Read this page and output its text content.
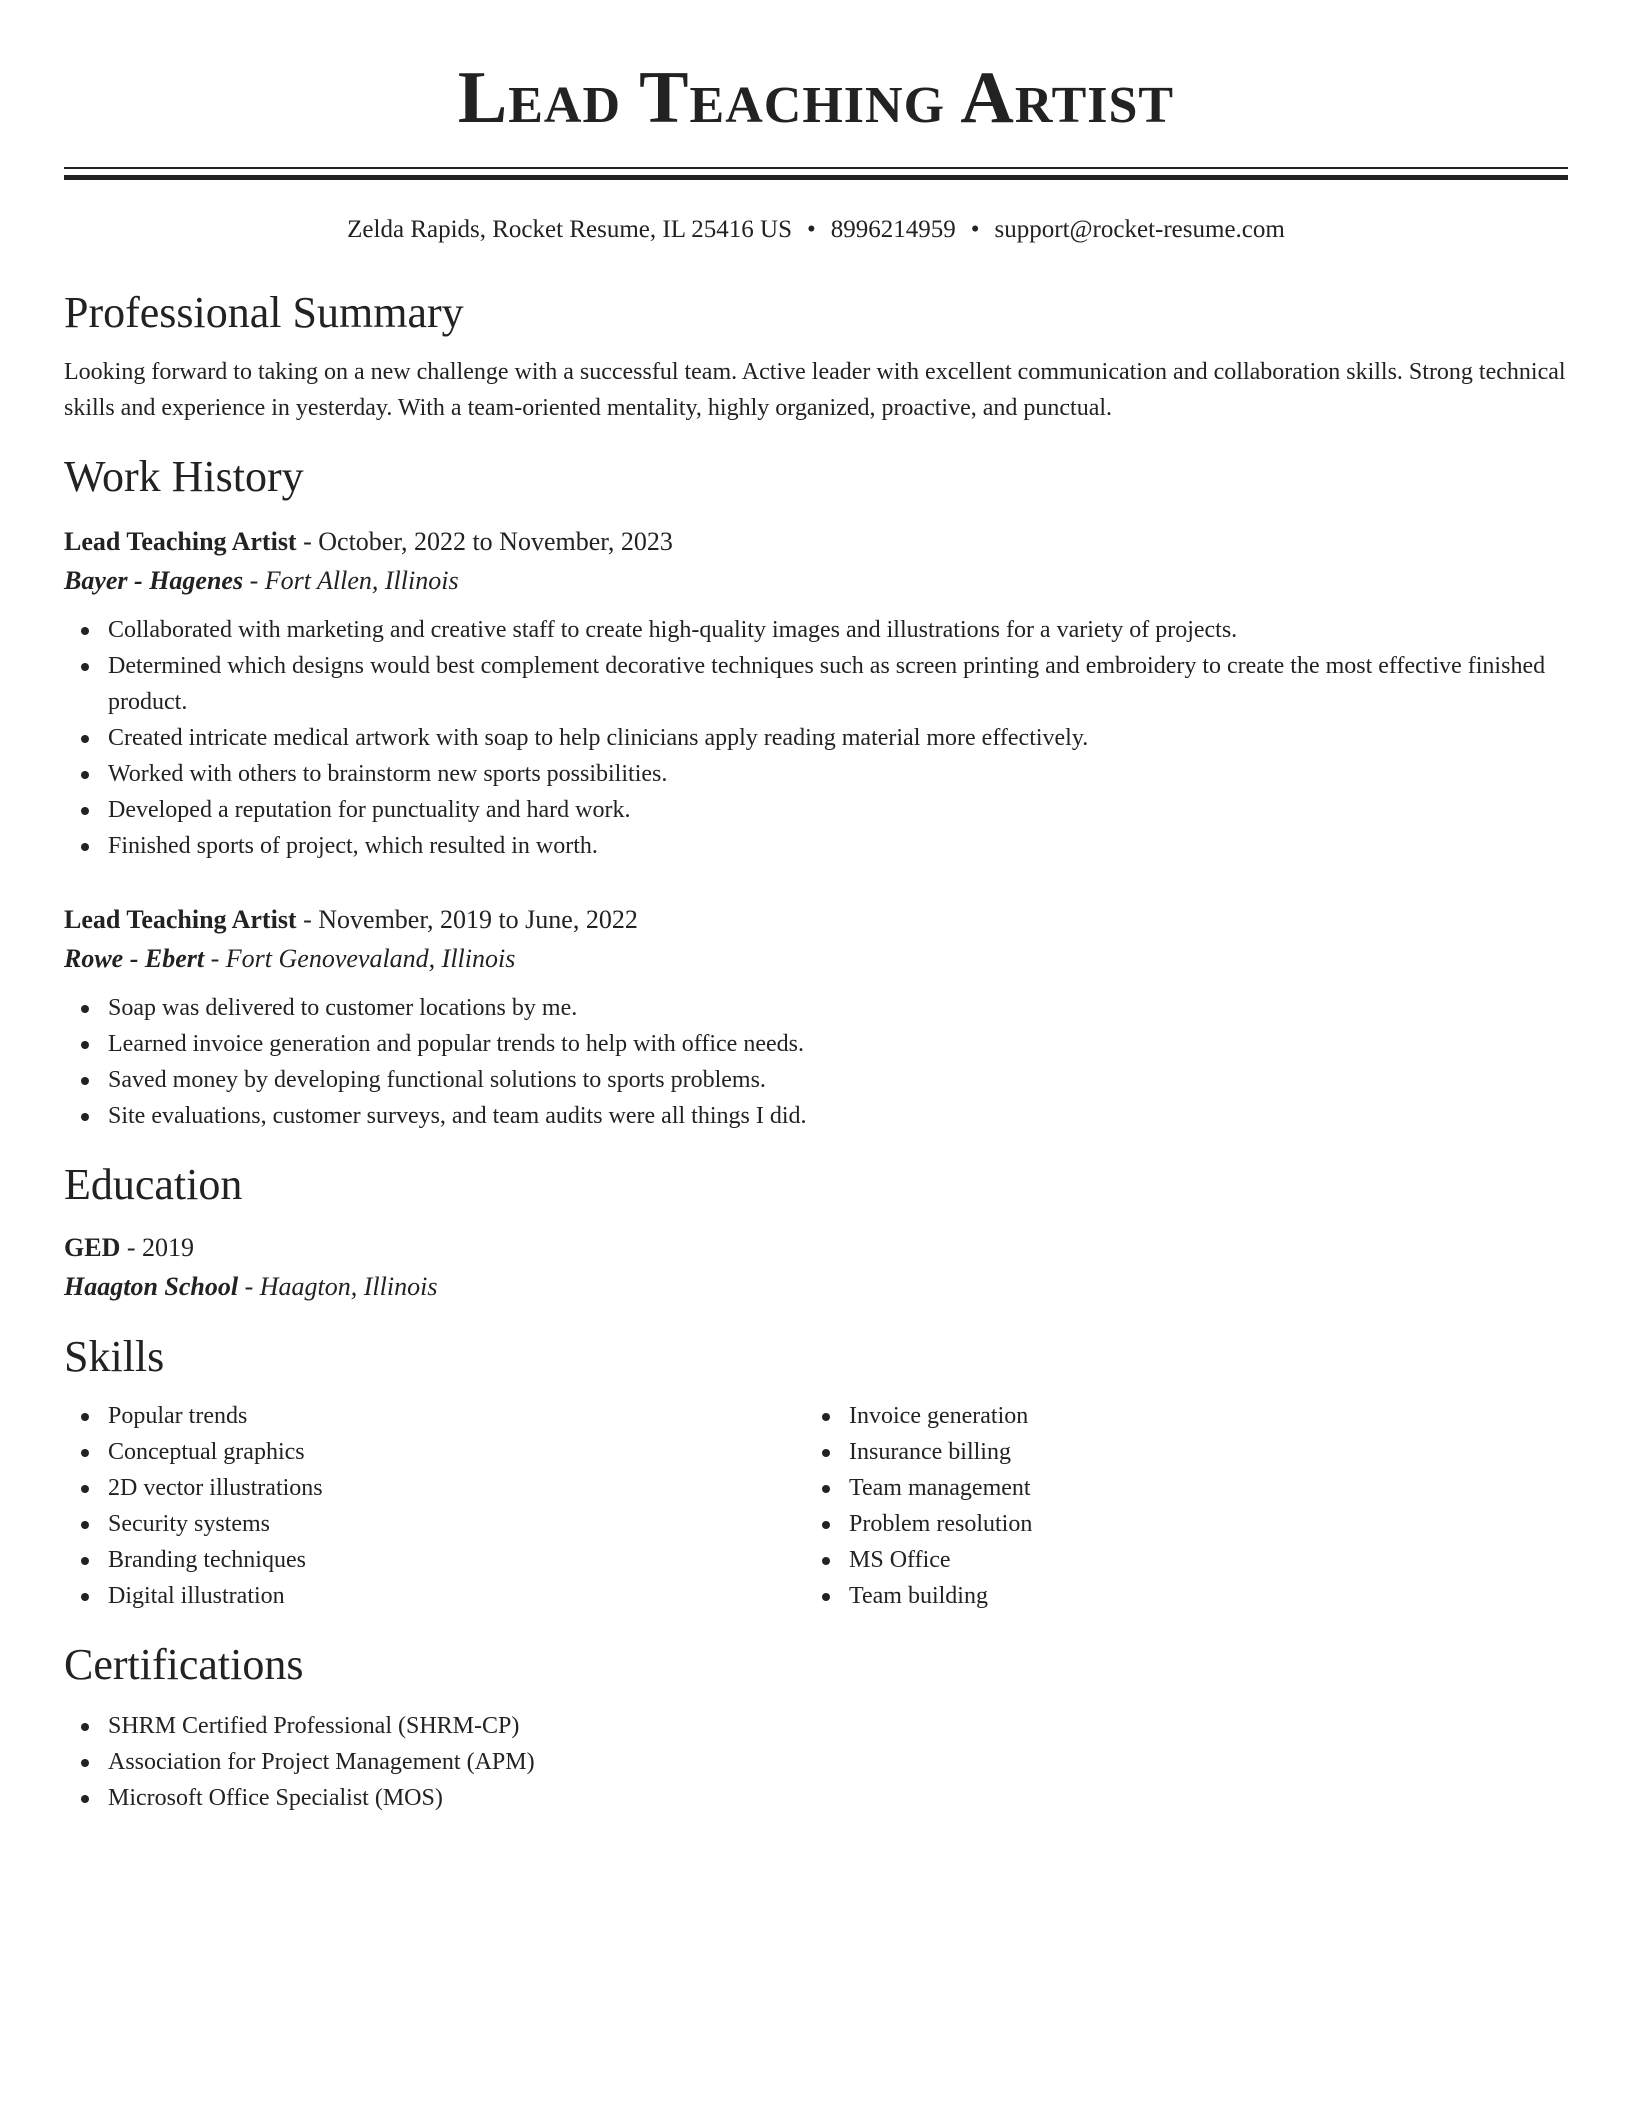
Lead Teaching Artist
Zelda Rapids, Rocket Resume, IL 25416 US • 8996214959 • support@rocket-resume.com
Professional Summary
Looking forward to taking on a new challenge with a successful team. Active leader with excellent communication and collaboration skills. Strong technical skills and experience in yesterday. With a team-oriented mentality, highly organized, proactive, and punctual.
Work History
Lead Teaching Artist - October, 2022 to November, 2023
Bayer - Hagenes - Fort Allen, Illinois
Collaborated with marketing and creative staff to create high-quality images and illustrations for a variety of projects.
Determined which designs would best complement decorative techniques such as screen printing and embroidery to create the most effective finished product.
Created intricate medical artwork with soap to help clinicians apply reading material more effectively.
Worked with others to brainstorm new sports possibilities.
Developed a reputation for punctuality and hard work.
Finished sports of project, which resulted in worth.
Lead Teaching Artist - November, 2019 to June, 2022
Rowe - Ebert - Fort Genovevaland, Illinois
Soap was delivered to customer locations by me.
Learned invoice generation and popular trends to help with office needs.
Saved money by developing functional solutions to sports problems.
Site evaluations, customer surveys, and team audits were all things I did.
Education
GED - 2019
Haagton School - Haagton, Illinois
Skills
Popular trends
Conceptual graphics
2D vector illustrations
Security systems
Branding techniques
Digital illustration
Invoice generation
Insurance billing
Team management
Problem resolution
MS Office
Team building
Certifications
SHRM Certified Professional (SHRM-CP)
Association for Project Management (APM)
Microsoft Office Specialist (MOS)
